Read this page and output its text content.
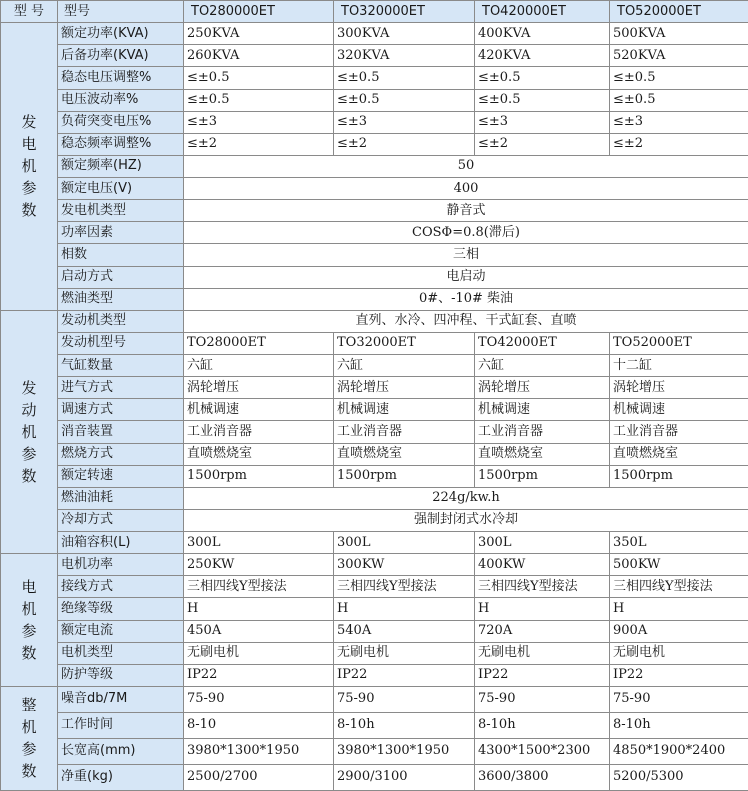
型 号	型号	TO280000ET	TO320000ET	TO420000ET	TO520000ET
发电机参数	额定功率(KVA)	250KVA	300KVA	400KVA	500KVA
	后备功率(KVA)	260KVA	320KVA	420KVA	520KVA
	稳态电压调整%	≤±0.5	≤±0.5	≤±0.5	≤±0.5
	电压波动率%	≤±0.5	≤±0.5	≤±0.5	≤±0.5
	负荷突变电压%	≤±3	≤±3	≤±3	≤±3
	稳态频率调整%	≤±2	≤±2	≤±2	≤±2
	额定频率(HZ)	50			
	额定电压(V)	400			
	发电机类型	静音式			
	功率因素	COSΦ=0.8(滞后)			
	相数	三相			
	启动方式	电启动			
	燃油类型	0#、-10# 柴油			
发动机参数	发动机类型	直列、水冷、四冲程、干式缸套、直喷			
	发动机型号	TO28000ET	TO32000ET	TO42000ET	TO52000ET
	气缸数量	六缸	六缸	六缸	十二缸
	进气方式	涡轮增压	涡轮增压	涡轮增压	涡轮增压
	调速方式	机械调速	机械调速	机械调速	机械调速
	消音装置	工业消音器	工业消音器	工业消音器	工业消音器
	燃烧方式	直喷燃烧室	直喷燃烧室	直喷燃烧室	直喷燃烧室
	额定转速	1500rpm	1500rpm	1500rpm	1500rpm
	燃油油耗	224g/kw.h			
	冷却方式	强制封闭式水冷却			
	油箱容积(L)	300L	300L	300L	350L
电机参数	电机功率	250KW	300KW	400KW	500KW
	接线方式	三相四线Y型接法	三相四线Y型接法	三相四线Y型接法	三相四线Y型接法
	绝缘等级	H	H	H	H
	额定电流	450A	540A	720A	900A
	电机类型	无刷电机	无刷电机	无刷电机	无刷电机
	防护等级	IP22	IP22	IP22	IP22
整机参数	噪音db/7M	75-90	75-90	75-90	75-90
	工作时间	8-10	8-10h	8-10h	8-10h
	长宽高(mm)	3980*1300*1950	3980*1300*1950	4300*1500*2300	4850*1900*2400
	净重(kg)	2500/2700	2900/3100	3600/3800	5200/5300
